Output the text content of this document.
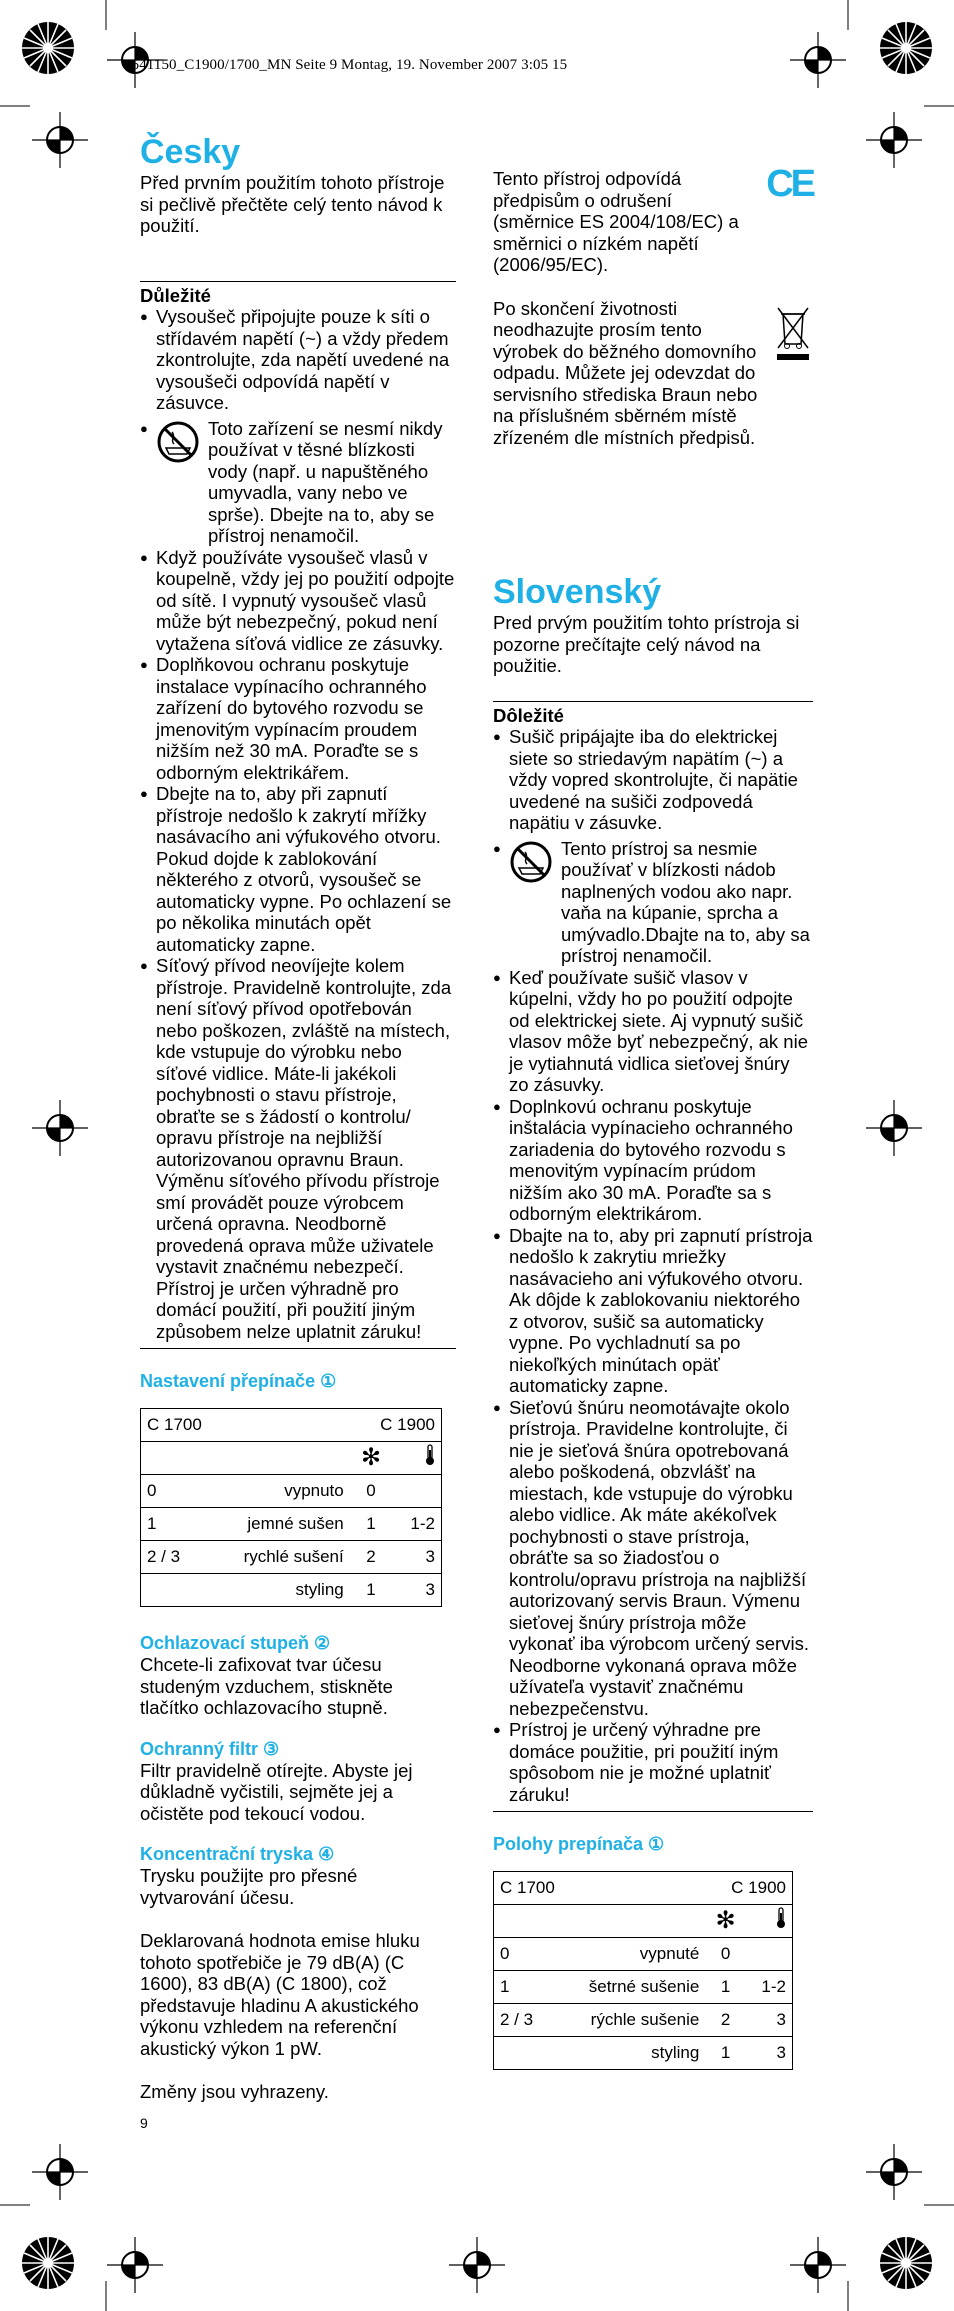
3541150_C1900/1700_MN Seite 9 Montag, 19. November 2007 3:05 15
Česky

Před prvním použitím tohoto přístroje si pečlivě přečtěte celý tento návod k použití.

Důležité
● Vysoušeč připojujte pouze k síti o střídavém napětí (~) a vždy předem zkontrolujte, zda napětí uvedené na vysoušeči odpovídá napětí v zásuvce.
● Toto zařízení se nesmí nikdy používat v těsné blízkosti vody (např. u napuštěného umyvadla, vany nebo ve sprše). Dbejte na to, aby se přístroj nenamočil.
● Když používáte vysoušeč vlasů v koupelně, vždy jej po použití odpojte od sítě. I vypnutý vysoušeč vlasů může být nebezpečný, pokud není vytažena síťová vidlice ze zásuvky.
● Doplňkovou ochranu poskytuje instalace vypínacího ochranného zařízení do bytového rozvodu se jmenovitým vypínacím proudem nižším než 30 mA. Poraďte se s odborným elektrikářem.
● Dbejte na to, aby při zapnutí přístroje nedošlo k zakrytí mřížky nasávacího ani výfukového otvoru. Pokud dojde k zablokování některého z otvorů, vysoušeč se automaticky vypne. Po ochlazení se po několika minutách opět automaticky zapne.
● Síťový přívod neovíjejte kolem přístroje. Pravidelně kontrolujte, zda není síťový přívod opotřebován nebo poškozen, zvláště na místech, kde vstupuje do výrobku nebo síťové vidlice. Máte-li jakékoli pochybnosti o stavu přístroje, obraťte se s žádostí o kontrolu/ opravu přístroje na nejbližší autorizovanou opravnu Braun. Výměnu síťového přívodu přístroje smí provádět pouze výrobcem určená opravna. Neodborně provedená oprava může uživatele vystavit značnému nebezpečí. Přístroj je určen výhradně pro domácí použití, při použití jiným způsobem nelze uplatnit záruku!
Nastavení přepínače ①
C 1700		C 1900	
		✻	
0	vypnuto	0	
1	jemné sušen	1	1-2
2 / 3	rychlé sušení	2	3
	styling	1	3
Ochlazovací stupeň ②

Chcete-li zafixovat tvar účesu studeným vzduchem, stiskněte tlačítko ochlazovacího stupně.

Ochranný filtr ③

Filtr pravidelně otírejte. Abyste jej důkladně vyčistili, sejměte jej a očistěte pod tekoucí vodou.

Koncentrační tryska ④

Trysku použijte pro přesné vytvarování účesu.

Deklarovaná hodnota emise hluku tohoto spotřebiče je 79 dB(A) (C 1600), 83 dB(A) (C 1800), což představuje hladinu A akustického výkonu vzhledem na referenční akustický výkon 1 pW.

Změny jsou vyhrazeny.

9

Tento přístroj odpovídá předpisům o odrušení (směrnice ES 2004/108/EC) a směrnici o nízkém napětí (2006/95/EC).

CE

Po skončení životnosti neodhazujte prosím tento výrobek do běžného domovního odpadu. Můžete jej odevzdat do servisního střediska Braun nebo na příslušném sběrném místě zřízeném dle místních předpisů.

Slovenský

Pred prvým použitím tohto prístroja si pozorne prečítajte celý návod na použitie.

Dôležité
● Sušič pripájajte iba do elektrickej siete so striedavým napätím (~) a vždy vopred skontrolujte, či napätie uvedené na sušiči zodpovedá napätiu v zásuvke.
● Tento prístroj sa nesmie používať v blízkosti nádob naplnených vodou ako napr. vaňa na kúpanie, sprcha a umývadlo.Dbajte na to, aby sa prístroj nenamočil.
● Keď používate sušič vlasov v kúpelni, vždy ho po použití odpojte od elektrickej siete. Aj vypnutý sušič vlasov môže byť nebezpečný, ak nie je vytiahnutá vidlica sieťovej šnúry zo zásuvky.
● Doplnkovú ochranu poskytuje inštalácia vypínacieho ochranného zariadenia do bytového rozvodu s menovitým vypínacím prúdom nižším ako 30 mA. Poraďte sa s odborným elektrikárom.
● Dbajte na to, aby pri zapnutí prístroja nedošlo k zakrytiu mriežky nasávacieho ani výfukového otvoru. Ak dôjde k zablokovaniu niektorého z otvorov, sušič sa automaticky vypne. Po vychladnutí sa po niekoľkých minútach opäť automaticky zapne.
● Sieťovú šnúru neomotávajte okolo prístroja. Pravidelne kontrolujte, či nie je sieťová šnúra opotrebovaná alebo poškodená, obzvlášť na miestach, kde vstupuje do výrobku alebo vidlice. Ak máte akékoľvek pochybnosti o stave prístroja, obráťte sa so žiadosťou o kontrolu/opravu prístroja na najbližší autorizovaný servis Braun. Výmenu sieťovej šnúry prístroja môže vykonať iba výrobcom určený servis. Neodborne vykonaná oprava môže užívateľa vystaviť značnému nebezpečenstvu.
● Prístroj je určený výhradne pre domáce použitie, pri použití iným spôsobom nie je možné uplatniť záruku!
Polohy prepínača ①
C 1700		C 1900	
		✻	
0	vypnuté	0	
1	šetrné sušenie	1	1-2
2 / 3	rýchle sušenie	2	3
	styling	1	3
